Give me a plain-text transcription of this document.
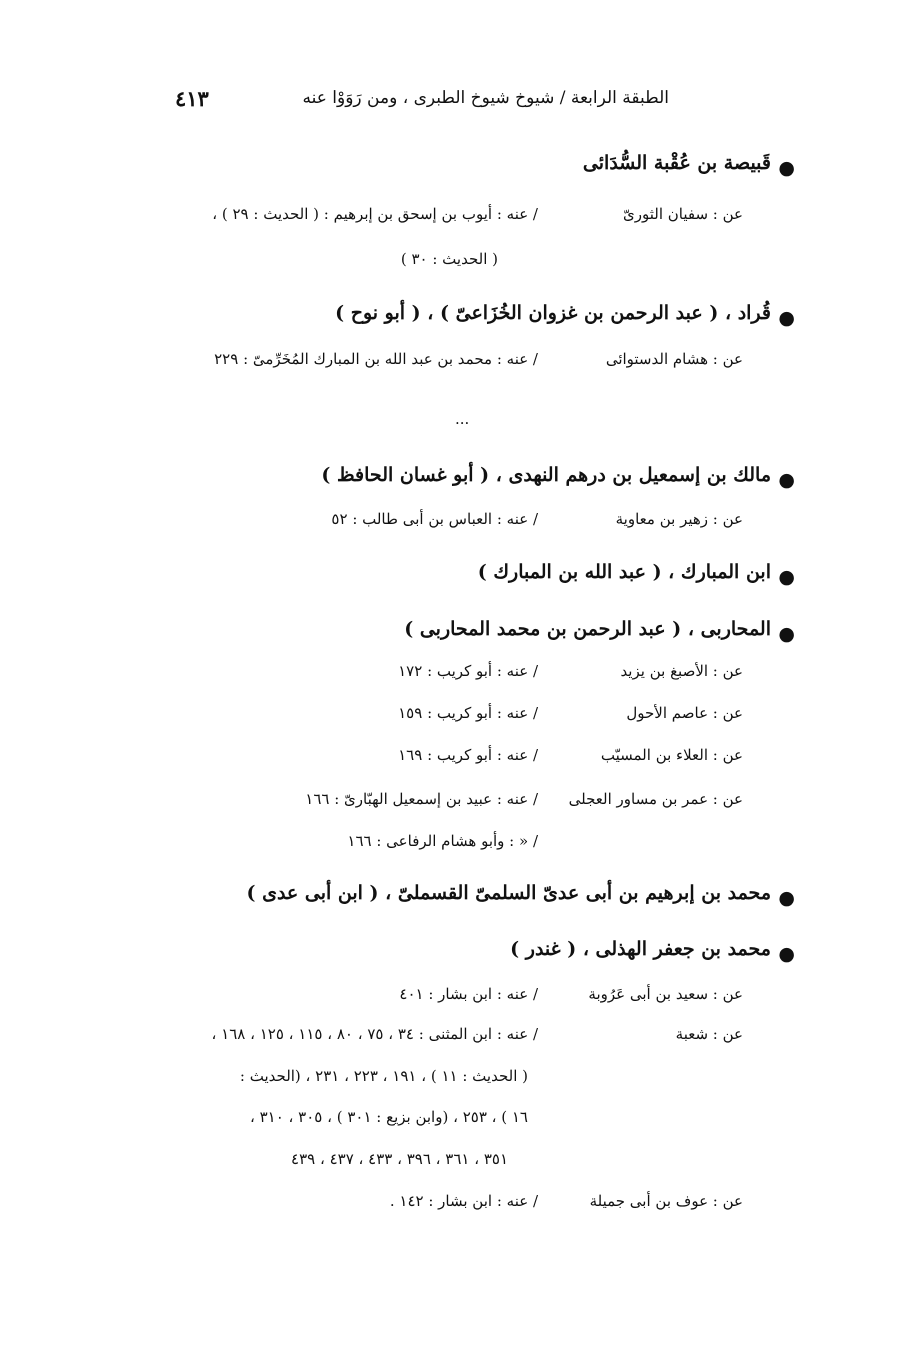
الطبقة الرابعة / شيوخ شيوخ الطبرى ، ومن رَوَوْا عنه
٤١٣
●
قَبيصة بن عُقْبة السُّدَائى
عن : سفيان الثورىّ
/ عنه : أيوب بن إسحق بن إبرهيم : ( الحديث : ٢٩ ) ،
( الحديث : ٣٠ )
●
قُراد ، ( عبد الرحمن بن غزوان الخُزَاعىّ ) ، ( أبو نوح )
عن : هشام الدستوائى
/ عنه : محمد بن عبد الله بن المبارك المُخَرِّمىّ : ٢٢٩
...
●
مالك بن إسمعيل بن درهم النهدى ، ( أبو غسان الحافظ )
عن : زهير بن معاوية
/ عنه : العباس بن أبى طالب : ٥٢
●
ابن المبارك ، ( عبد الله بن المبارك )
●
المحاربى ، ( عبد الرحمن بن محمد المحاربى )
عن : الأصبغ بن يزيد
/ عنه : أبو كريب : ١٧٢
عن : عاصم الأحول
/ عنه : أبو كريب : ١٥٩
عن : العلاء بن المسيّب
/ عنه : أبو كريب : ١٦٩
عن : عمر بن مساور العجلى
/ عنه : عبيد بن إسمعيل الهبّارىّ : ١٦٦
/ « : وأبو هشام الرفاعى : ١٦٦
●
محمد بن إبرهيم بن أبى عدىّ السلمىّ القسملىّ ، ( ابن أبى عدى )
●
محمد بن جعفر الهذلى ، ( غندر )
عن : سعيد بن أبى عَرُوبة
/ عنه : ابن بشار : ٤٠١
عن : شعبة
/ عنه : ابن المثنى : ٣٤ ، ٧٥ ، ٨٠ ، ١١٥ ، ١٢٥ ، ١٦٨ ،
( الحديث : ١١ ) ، ١٩١ ، ٢٢٣ ، ٢٣١ ، (الحديث :
١٦ ) ، ٢٥٣ ، (وابن بزيع : ٣٠١ ) ، ٣٠٥ ، ٣١٠ ،
٣٥١ ، ٣٦١ ، ٣٩٦ ، ٤٣٣ ، ٤٣٧ ، ٤٣٩
عن : عوف بن أبى جميلة
/ عنه : ابن بشار : ١٤٢ .
